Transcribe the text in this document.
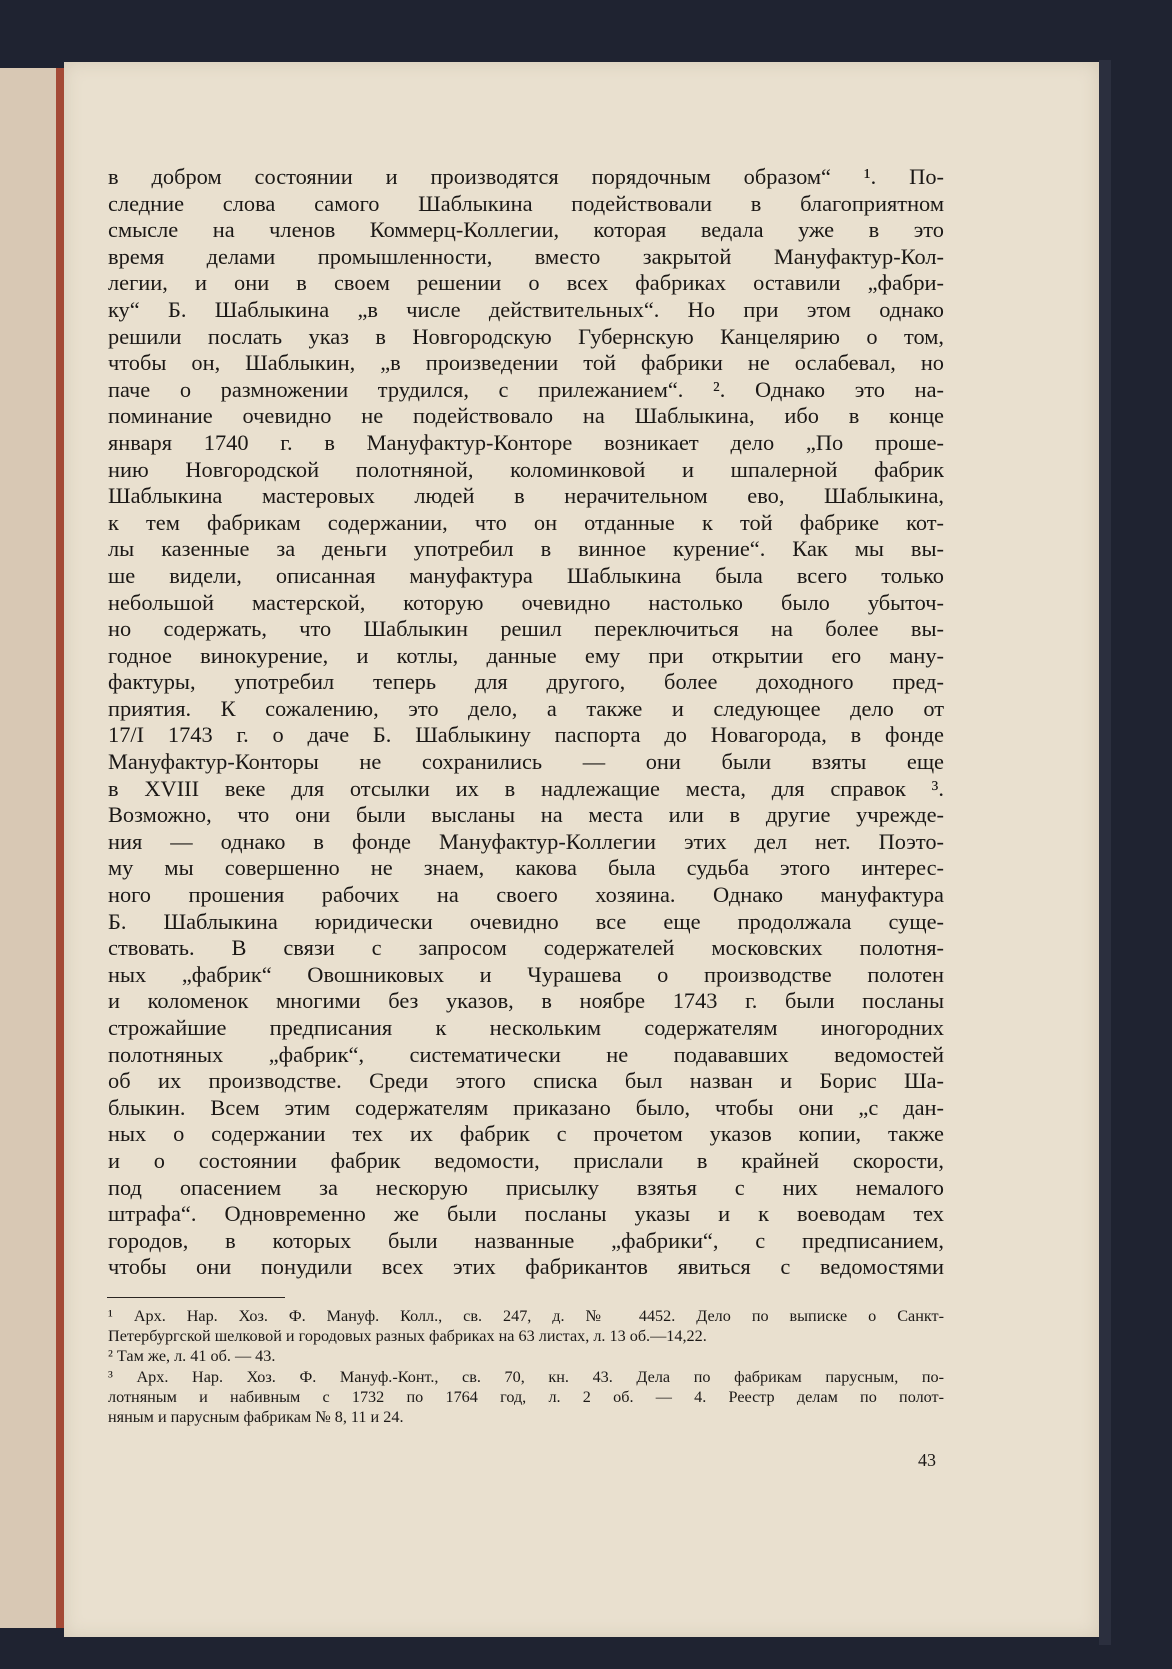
в добром состоянии и производятся порядочным образом“ ¹. По-
следние слова самого Шаблыкина подействовали в благоприятном
смысле на членов Коммерц-Коллегии, которая ведала уже в это
время делами промышленности, вместо закрытой Мануфактур-Кол-
легии, и они в своем решении о всех фабриках оставили „фабри-
ку“ Б. Шаблыкина „в числе действительных“. Но при этом однако
решили послать указ в Новгородскую Губернскую Канцелярию о том,
чтобы он, Шаблыкин, „в произведении той фабрики не ослабевал, но
паче о размножении трудился, с прилежанием“. ². Однако это на-
поминание очевидно не подействовало на Шаблыкина, ибо в конце
января 1740 г. в Мануфактур-Конторе возникает дело „По проше-
нию Новгородской полотняной, коломинковой и шпалерной фабрик
Шаблыкина мастеровых людей в нерачительном ево, Шаблыкина,
к тем фабрикам содержании, что он отданные к той фабрике кот-
лы казенные за деньги употребил в винное курение“. Как мы вы-
ше видели, описанная мануфактура Шаблыкина была всего только
небольшой мастерской, которую очевидно настолько было убыточ-
но содержать, что Шаблыкин решил переключиться на более вы-
годное винокурение, и котлы, данные ему при открытии его ману-
фактуры, употребил теперь для другого, более доходного пред-
приятия. К сожалению, это дело, а также и следующее дело от
17/I 1743 г. о даче Б. Шаблыкину паспорта до Новагорода, в фонде
Мануфактур-Конторы не сохранились — они были взяты еще
в XVIII веке для отсылки их в надлежащие места, для справок ³.
Возможно, что они были высланы на места или в другие учрежде-
ния — однако в фонде Мануфактур-Коллегии этих дел нет. Поэто-
му мы совершенно не знаем, какова была судьба этого интерес-
ного прошения рабочих на своего хозяина. Однако мануфактура
Б. Шаблыкина юридически очевидно все еще продолжала суще-
ствовать. В связи с запросом содержателей московских полотня-
ных „фабрик“ Овошниковых и Чурашева о производстве полотен
и коломенок многими без указов, в ноябре 1743 г. были посланы
строжайшие предписания к нескольким содержателям иногородних
полотняных „фабрик“, систематически не подававших ведомостей
об их производстве. Среди этого списка был назван и Борис Ша-
блыкин. Всем этим содержателям приказано было, чтобы они „с дан-
ных о содержании тех их фабрик с прочетом указов копии, также
и о состоянии фабрик ведомости, прислали в крайней скорости,
под опасением за нескорую присылку взятья с них немалого
штрафа“. Одновременно же были посланы указы и к воеводам тех
городов, в которых были названные „фабрики“, с предписанием,
чтобы они понудили всех этих фабрикантов явиться с ведомостями
¹ Арх. Нар. Хоз. Ф. Мануф. Колл., св. 247, д. № 4452. Дело по выписке о Санкт-
Петербургской шелковой и городовых разных фабриках на 63 листах, л. 13 об.—14,22.
² Там же, л. 41 об. — 43.
³ Арх. Нар. Хоз. Ф. Мануф.-Конт., св. 70, кн. 43. Дела по фабрикам парусным, по-
лотняным и набивным с 1732 по 1764 год, л. 2 об. — 4. Реестр делам по полот-
няным и парусным фабрикам № 8, 11 и 24.
43
